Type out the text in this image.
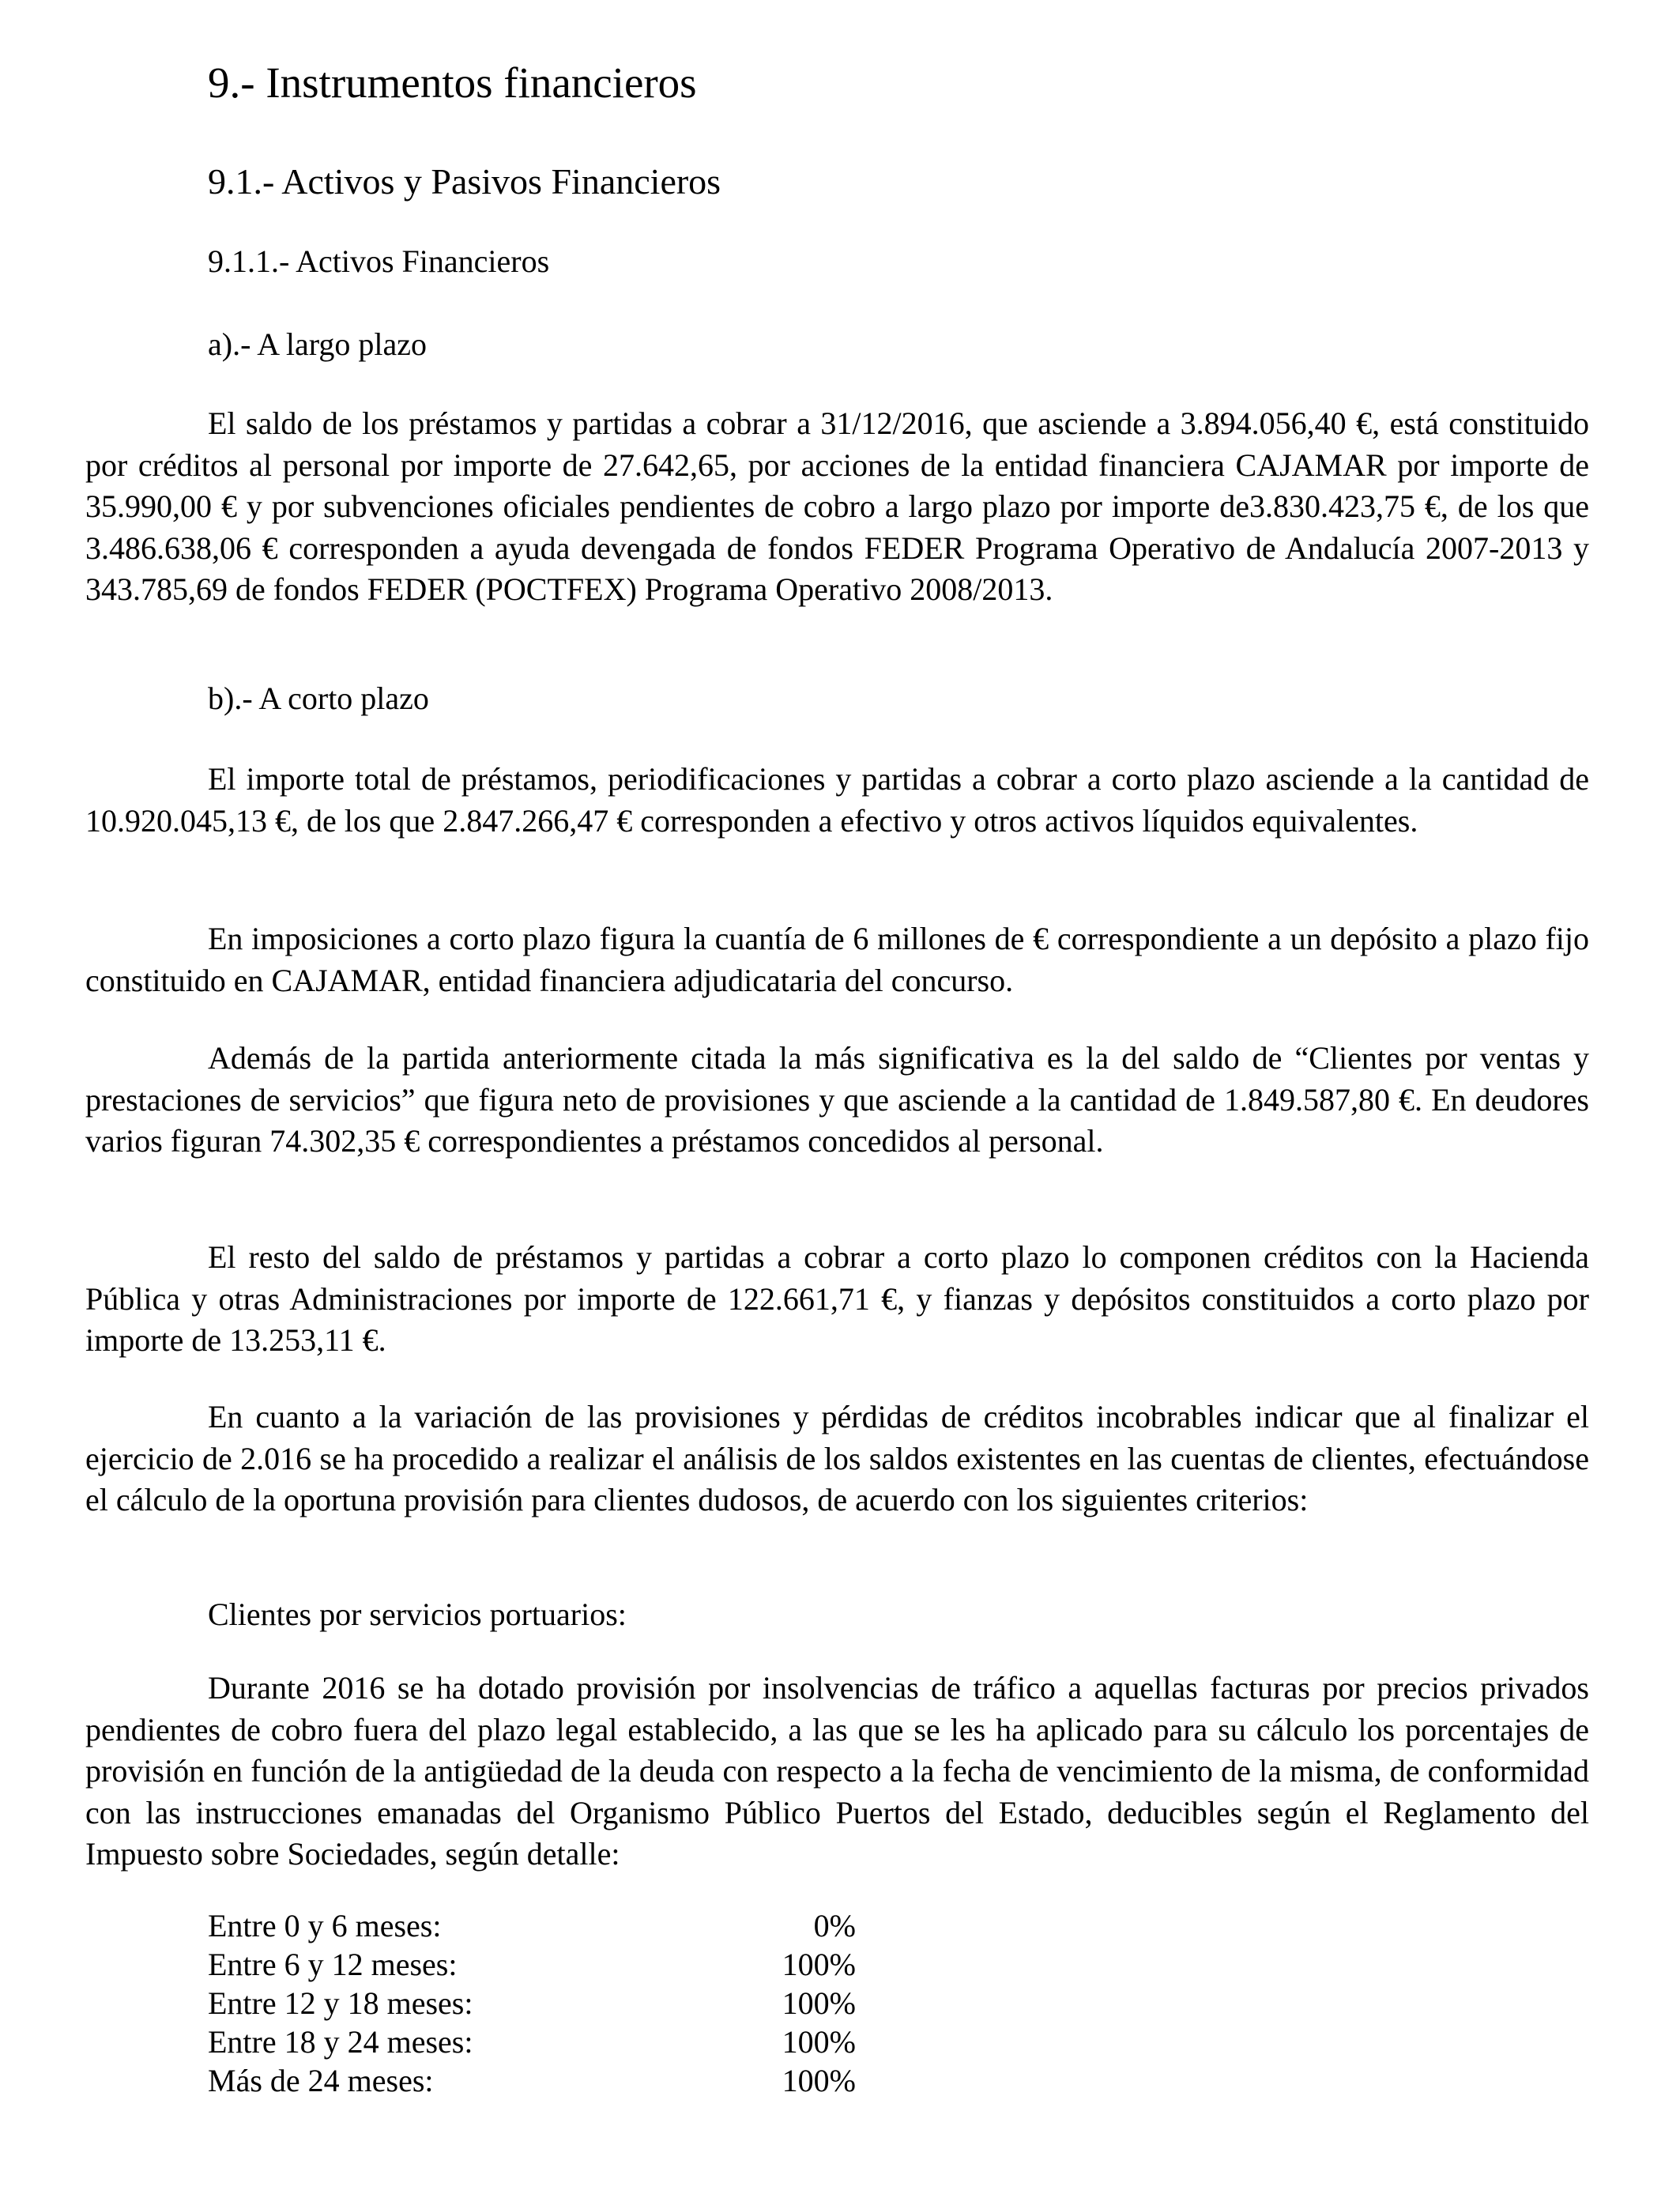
9.- Instrumentos financieros
9.1.- Activos y Pasivos Financieros
9.1.1.- Activos Financieros
a).- A largo plazo

El saldo de los préstamos y partidas a cobrar a 31/12/2016, que asciende a 3.894.056,40 €, está constituido por créditos al personal por importe de 27.642,65, por acciones de la entidad financiera CAJAMAR por importe de 35.990,00 € y por subvenciones oficiales pendientes de cobro a largo plazo por importe de3.830.423,75 €, de los que 3.486.638,06 € corresponden a ayuda devengada de fondos FEDER Programa Operativo de Andalucía 2007-2013 y 343.785,69 de fondos FEDER (POCTFEX) Programa Operativo 2008/2013.

b).- A corto plazo

El importe total de préstamos, periodificaciones y partidas a cobrar a corto plazo asciende a la cantidad de 10.920.045,13 €, de los que 2.847.266,47 € corresponden a efectivo y otros activos líquidos equivalentes.

En imposiciones a corto plazo figura la cuantía de 6 millones de € correspondiente a un depósito a plazo fijo constituido en CAJAMAR, entidad financiera adjudicataria del concurso.

Además de la partida anteriormente citada la más significativa es la del saldo de “Clientes por ventas y prestaciones de servicios” que figura neto de provisiones y que asciende a la cantidad de 1.849.587,80 €. En deudores varios figuran 74.302,35 € correspondientes a préstamos concedidos al personal.

El resto del saldo de préstamos y partidas a cobrar a corto plazo lo componen créditos con la Hacienda Pública y otras Administraciones por importe de 122.661,71 €, y fianzas y depósitos constituidos a corto plazo por importe de 13.253,11 €.

En cuanto a la variación de las provisiones y pérdidas de créditos incobrables indicar que al finalizar el ejercicio de 2.016 se ha procedido a realizar el análisis de los saldos existentes en las cuentas de clientes, efectuándose el cálculo de la oportuna provisión para clientes dudosos, de acuerdo con los siguientes criterios:

Clientes por servicios portuarios:

Durante 2016 se ha dotado provisión por insolvencias de tráfico a aquellas facturas por precios privados pendientes de cobro fuera del plazo legal establecido, a las que se les ha aplicado para su cálculo los porcentajes de provisión en función de la antigüedad de la deuda con respecto a la fecha de vencimiento de la misma, de conformidad con las instrucciones emanadas del Organismo Público Puertos del Estado, deducibles según el Reglamento del Impuesto sobre Sociedades, según detalle:

Entre 0 y 6 meses:	0%
Entre 6 y 12 meses:	100%
Entre 12 y 18 meses:	100%
Entre 18 y 24 meses:	100%
Más de 24 meses:	100%
